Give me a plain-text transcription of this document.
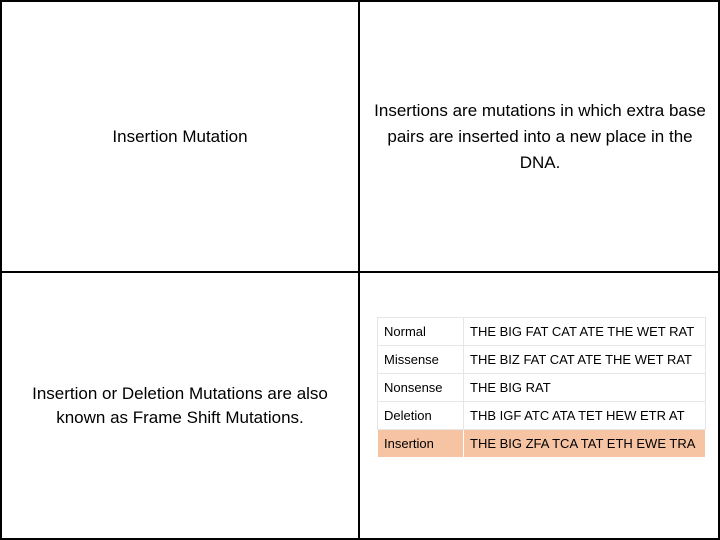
Insertion Mutation
Insertions are mutations in which extra base pairs are inserted into a new place in the DNA.
Insertion or Deletion Mutations are also known as Frame Shift Mutations.
Normal	THE BIG FAT CAT ATE THE WET RAT
Missense	THE BIZ FAT CAT ATE THE WET RAT
Nonsense	THE BIG RAT
Deletion	THB IGF ATC ATA TET HEW ETR AT
Insertion	THE BIG ZFA TCA TAT ETH EWE TRA
